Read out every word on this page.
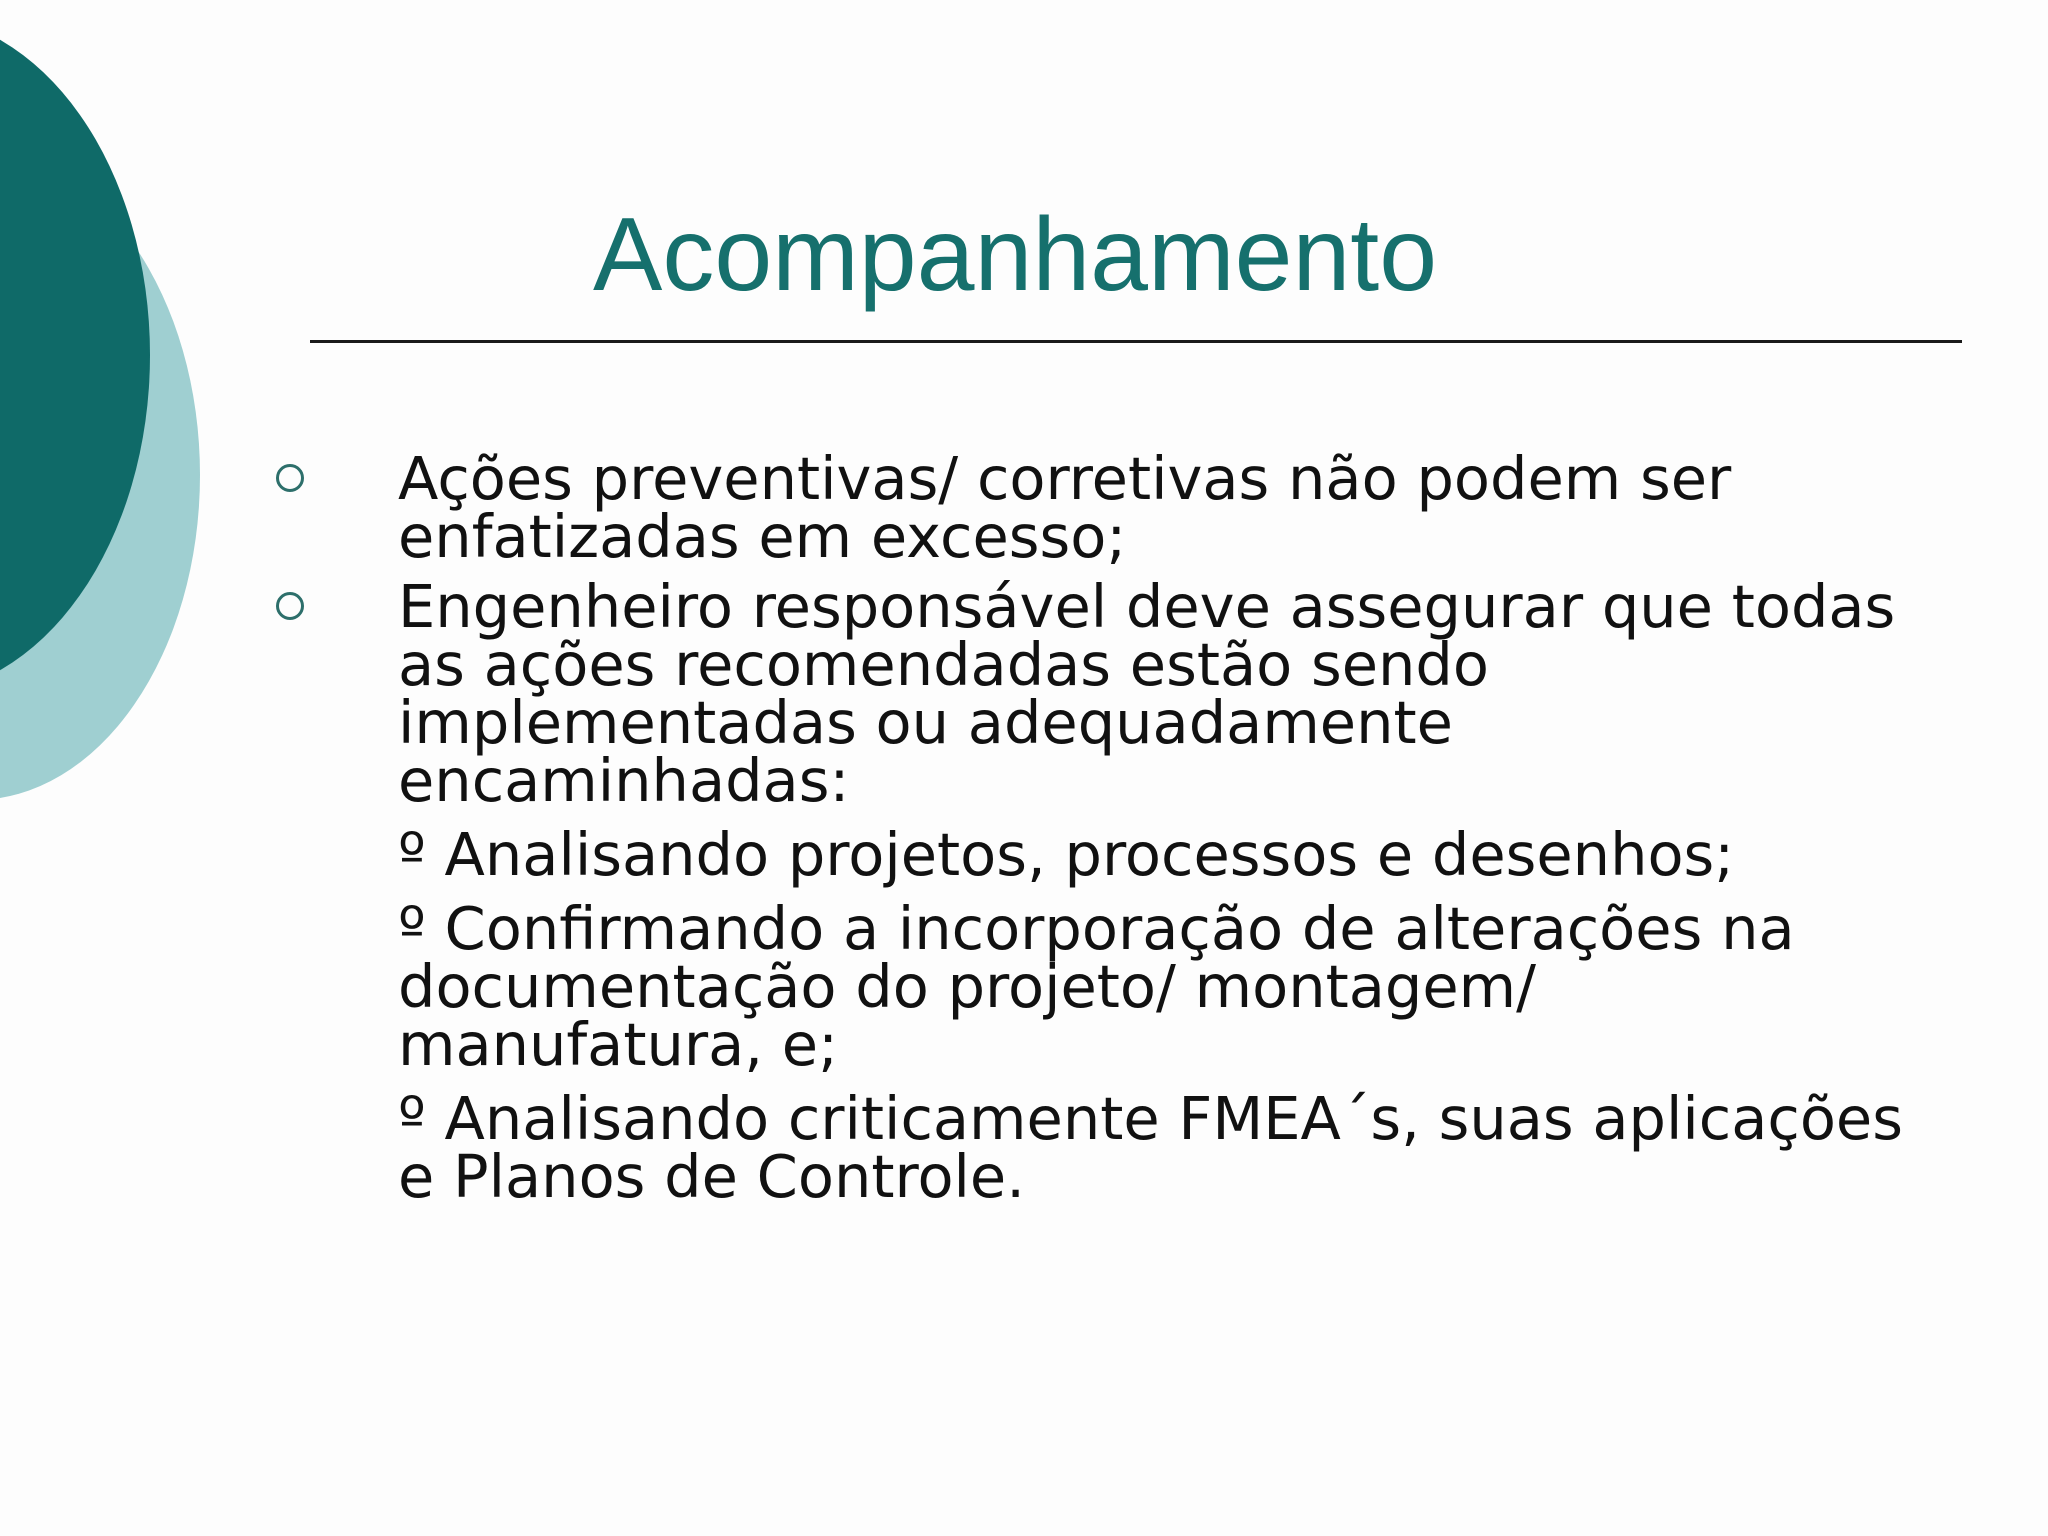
Acompanhamento
Ações preventivas/ corretivas não podem ser enfatizadas em excesso;
Engenheiro responsável deve assegurar que todas as ações recomendadas estão sendo implementadas ou adequadamente encaminhadas:
º Analisando projetos, processos e desenhos;
º Confirmando a incorporação de alterações na documentação do projeto/ montagem/ manufatura, e;
º Analisando criticamente FMEA´s, suas aplicações e Planos de Controle.
